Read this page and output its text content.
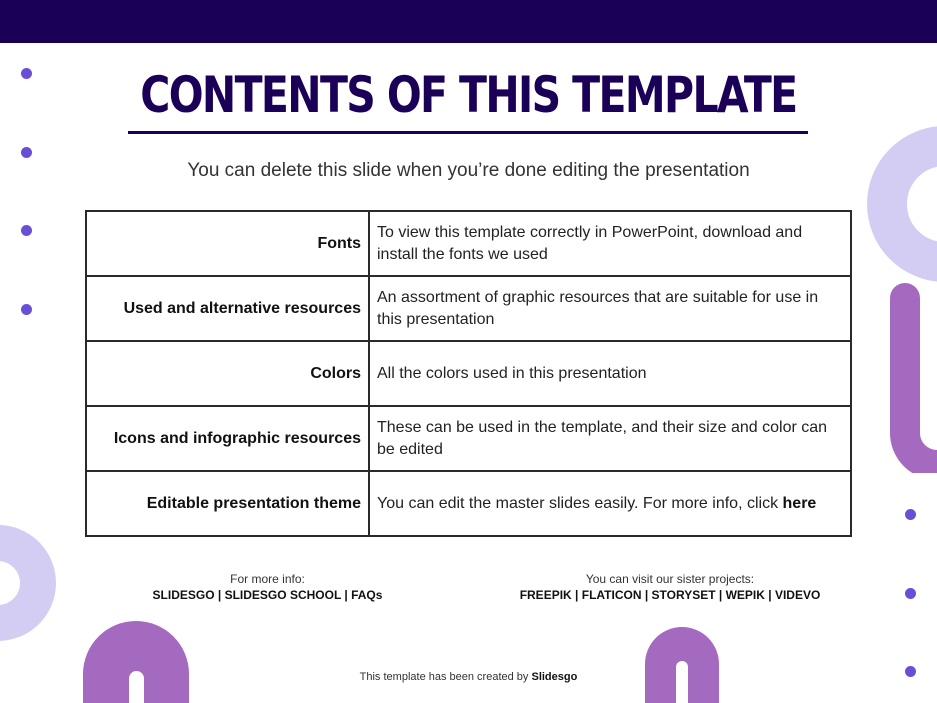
CONTENTS OF THIS TEMPLATE
You can delete this slide when you’re done editing the presentation
Fonts	To view this template correctly in PowerPoint, download and install the fonts we used
Used and alternative resources	An assortment of graphic resources that are suitable for use in this presentation
Colors	All the colors used in this presentation
Icons and infographic resources	These can be used in the template, and their size and color can be edited
Editable presentation theme	You can edit the master slides easily. For more info, click here
For more info:
SLIDESGO | SLIDESGO SCHOOL | FAQs
You can visit our sister projects:
FREEPIK | FLATICON | STORYSET | WEPIK | VIDEVO
This template has been created by Slidesgo
